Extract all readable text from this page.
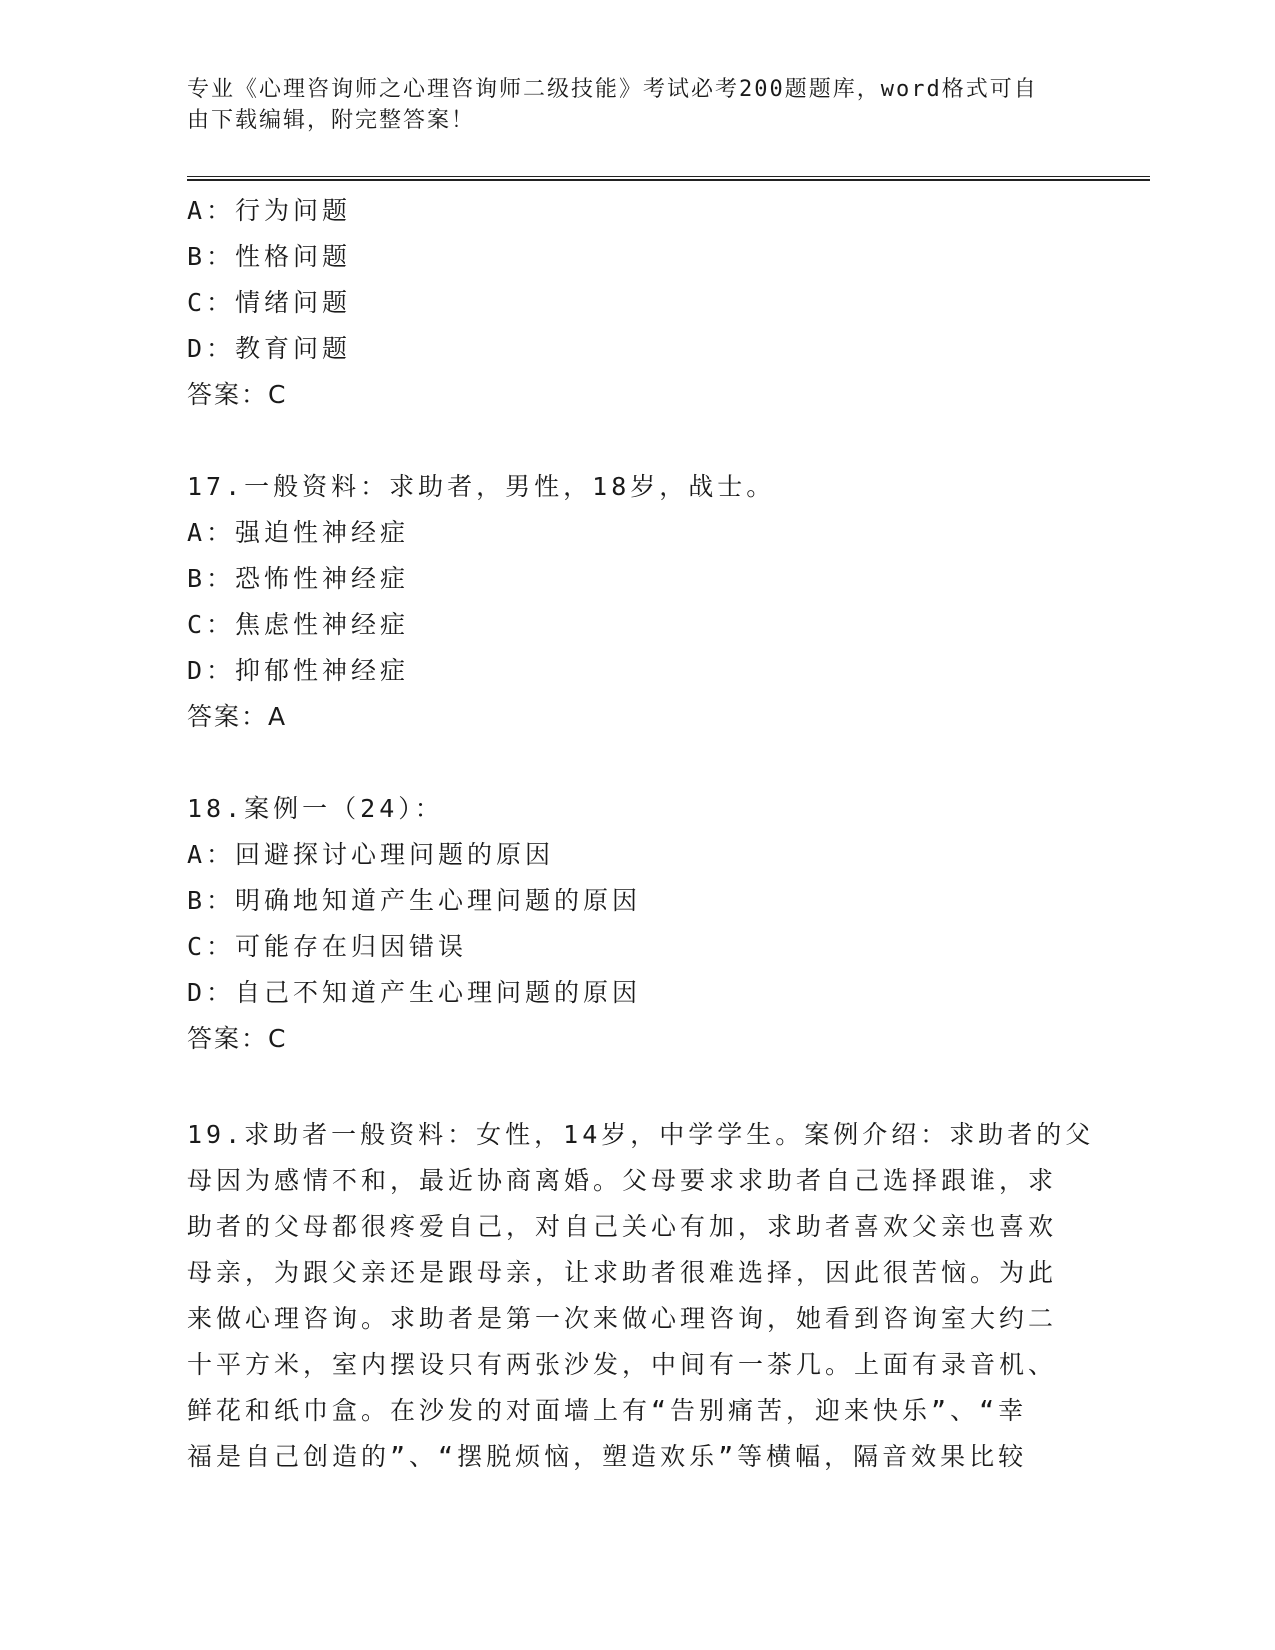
专业《心理咨询师之心理咨询师二级技能》考试必考200题题库，word格式可自
由下载编辑，附完整答案！
A：行为问题
B：性格问题
C：情绪问题
D：教育问题
答案：C
17.一般资料：求助者，男性，18岁，战士。
A：强迫性神经症
B：恐怖性神经症
C：焦虑性神经症
D：抑郁性神经症
答案：A
18.案例一（24）：
A：回避探讨心理问题的原因
B：明确地知道产生心理问题的原因
C：可能存在归因错误
D：自己不知道产生心理问题的原因
答案：C
19.求助者一般资料：女性，14岁，中学学生。案例介绍：求助者的父
母因为感情不和，最近协商离婚。父母要求求助者自己选择跟谁，求
助者的父母都很疼爱自己，对自己关心有加，求助者喜欢父亲也喜欢
母亲，为跟父亲还是跟母亲，让求助者很难选择，因此很苦恼。为此
来做心理咨询。求助者是第一次来做心理咨询，她看到咨询室大约二
十平方米，室内摆设只有两张沙发，中间有一茶几。上面有录音机、
鲜花和纸巾盒。在沙发的对面墙上有“告别痛苦，迎来快乐”、“幸
福是自己创造的”、“摆脱烦恼，塑造欢乐”等横幅，隔音效果比较
